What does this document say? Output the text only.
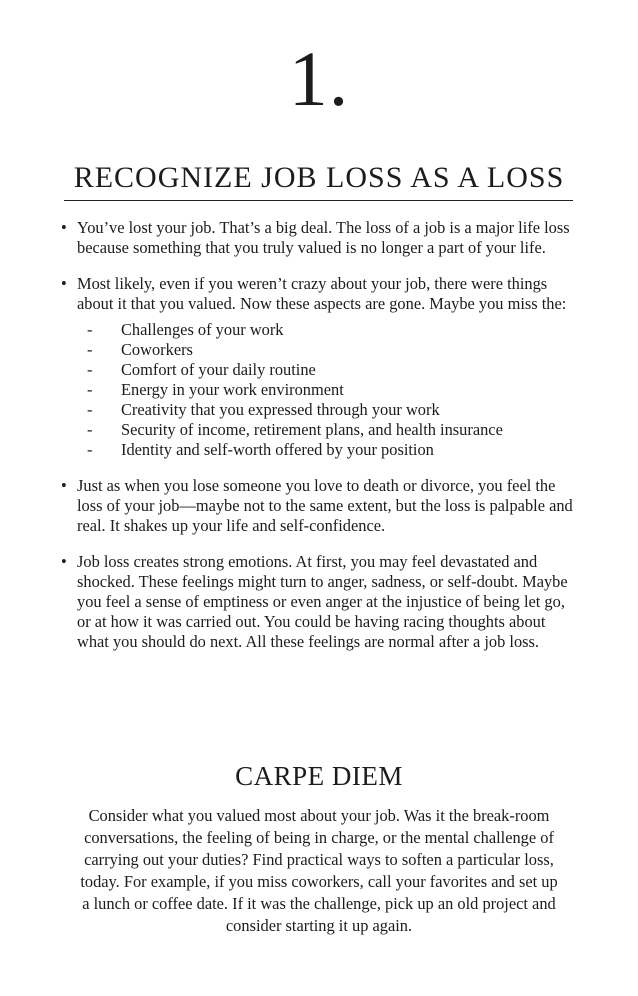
1.
RECOGNIZE JOB LOSS AS A LOSS
• You’ve lost your job. That’s a big deal. The loss of a job is a major life loss because something that you truly valued is no longer a part of your life.
• Most likely, even if you weren’t crazy about your job, there were things about it that you valued. Now these aspects are gone. Maybe you miss the:
- Challenges of your work
- Coworkers
- Comfort of your daily routine
- Energy in your work environment
- Creativity that you expressed through your work
- Security of income, retirement plans, and health insurance
- Identity and self-worth offered by your position
• Just as when you lose someone you love to death or divorce, you feel the loss of your job—maybe not to the same extent, but the loss is palpable and real. It shakes up your life and self-confidence.
• Job loss creates strong emotions. At first, you may feel devastated and shocked. These feelings might turn to anger, sadness, or self-doubt. Maybe you feel a sense of emptiness or even anger at the injustice of being let go, or at how it was carried out. You could be having racing thoughts about what you should do next. All these feelings are normal after a job loss.
CARPE DIEM

Consider what you valued most about your job. Was it the break-room conversations, the feeling of being in charge, or the mental challenge of carrying out your duties? Find practical ways to soften a particular loss, today. For example, if you miss coworkers, call your favorites and set up a lunch or coffee date. If it was the challenge, pick up an old project and consider starting it up again.
